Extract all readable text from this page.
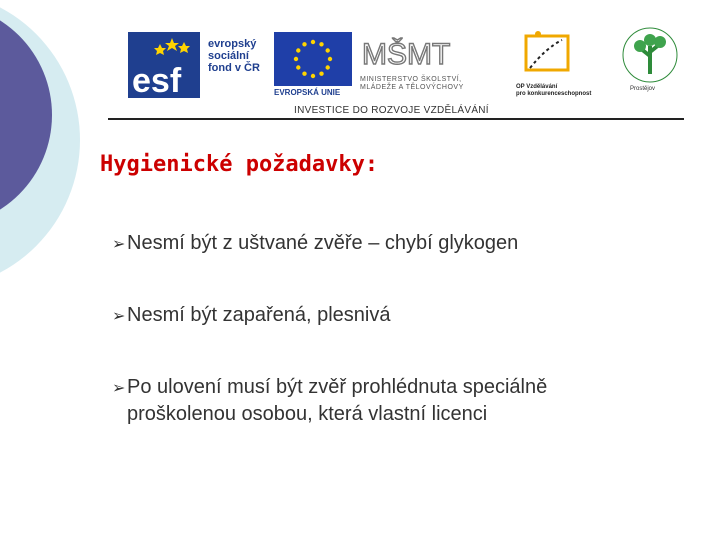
esf
evropský
sociální
fond v ČR
EVROPSKÁ UNIE
MŠMT
MINISTERSTVO ŠKOLSTVÍ,
MLÁDEŽE A TĚLOVÝCHOVY	OP Vzdělávání
pro konkurenceschopnost
Prostějov
INVESTICE DO ROZVOJE VZDĚLÁVÁNÍ
Hygienické požadavky:
➢ Nesmí být z uštvané zvěře – chybí glykogen
➢ Nesmí být zapařená, plesnivá
➢ Po ulovení musí být zvěř prohlédnuta speciálně
proškolenou osobou, která vlastní licenci
